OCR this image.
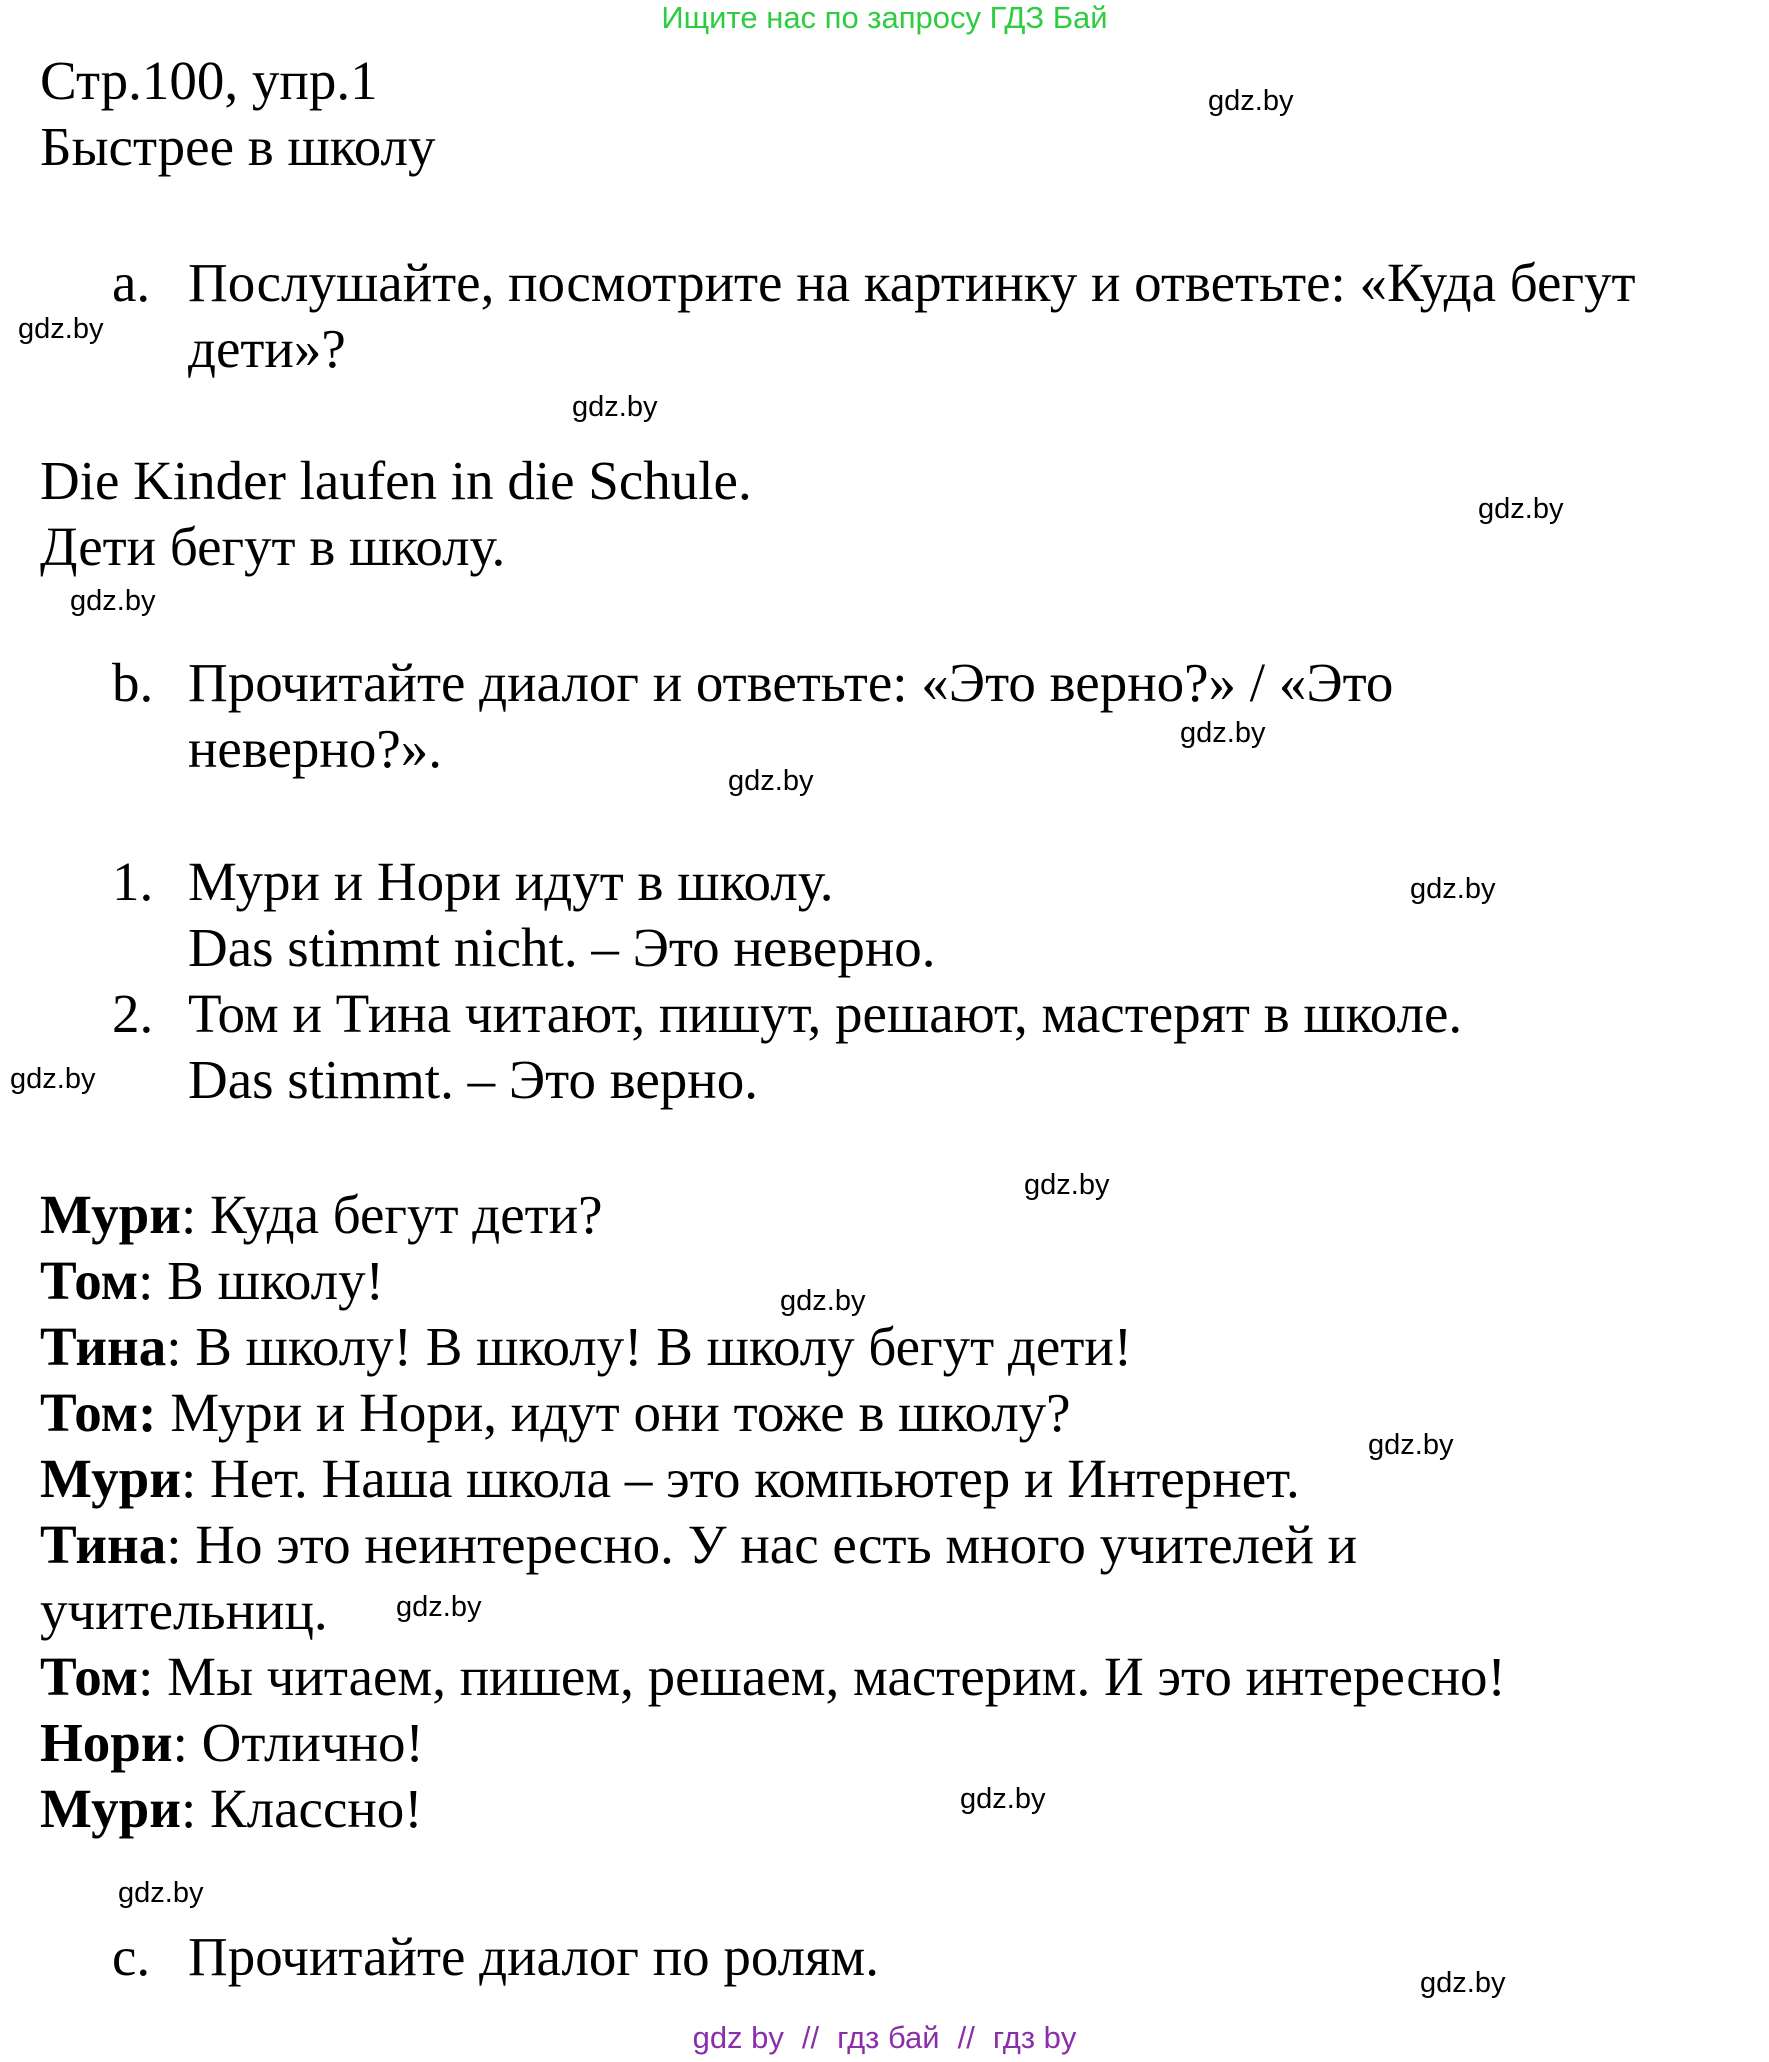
Ищите нас по запросу ГДЗ Бай
Стр.100, упр.1
Быстрее в школу
a. Послушайте, посмотрите на картинку и ответьте: «Куда бегут
дети»?
Die Kinder laufen in die Schule.
Дети бегут в школу.
b. Прочитайте диалог и ответьте: «Это верно?» / «Это
неверно?».
1. Мури и Нори идут в школу.
Das stimmt nicht. – Это неверно.
2. Том и Тина читают, пишут, решают, мастерят в школе.
Das stimmt. – Это верно.
Мури: Куда бегут дети?
Том: В школу!
Тина: В школу! В школу! В школу бегут дети!
Том: Мури и Нори, идут они тоже в школу?
Мури: Нет. Наша школа – это компьютер и Интернет.
Тина: Но это неинтересно. У нас есть много учителей и
учительниц.
Том: Мы читаем, пишем, решаем, мастерим. И это интересно!
Нори: Отлично!
Мури: Классно!
c. Прочитайте диалог по ролям.
gdz.by
gdz.by
gdz.by
gdz.by
gdz.by
gdz.by
gdz.by
gdz.by
gdz.by
gdz.by
gdz.by
gdz.by
gdz.by
gdz.by
gdz.by
gdz.by
gdz by // гдз бай // гдз by
